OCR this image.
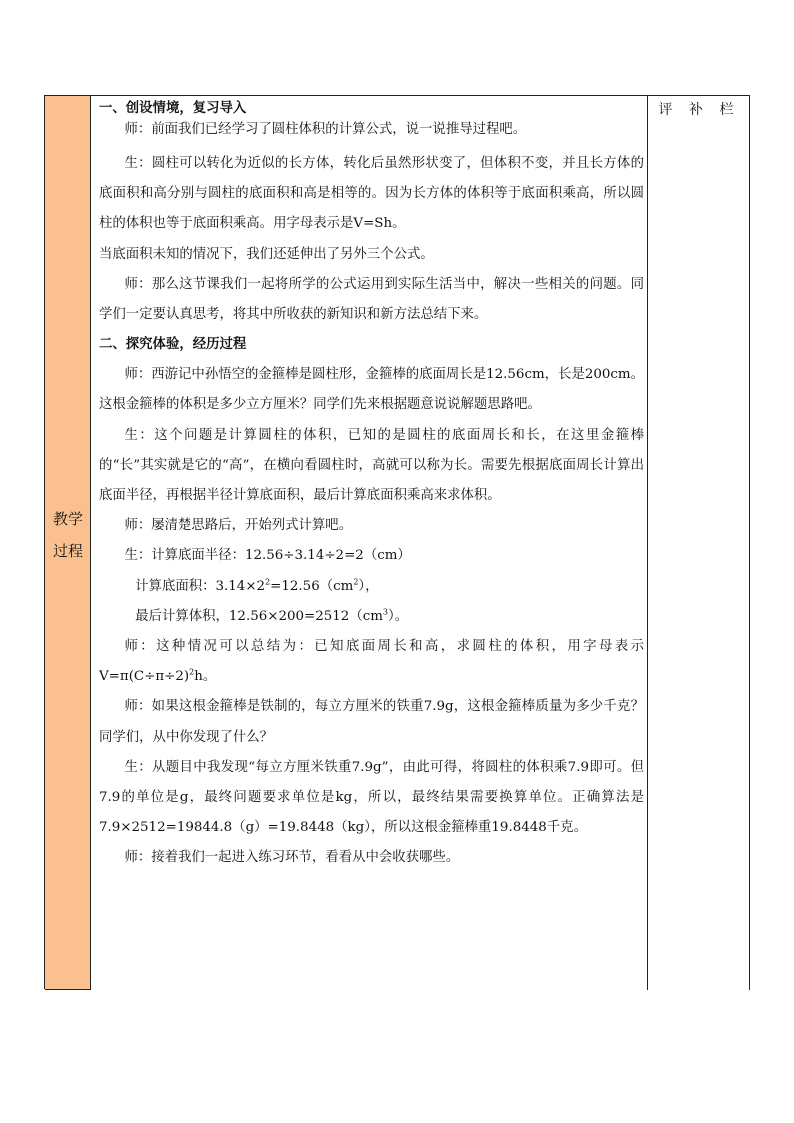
教学
过程

一、创设情境，复习导入

师：前面我们已经学习了圆柱体积的计算公式，说一说推导过程吧。

生：圆柱可以转化为近似的长方体，转化后虽然形状变了，但体积不变，并且长方体的底面积和高分别与圆柱的底面积和高是相等的。因为长方体的体积等于底面积乘高，所以圆柱的体积也等于底面积乘高。用字母表示是V=Sh。

当底面积未知的情况下，我们还延伸出了另外三个公式。

师：那么这节课我们一起将所学的公式运用到实际生活当中，解决一些相关的问题。同学们一定要认真思考，将其中所收获的新知识和新方法总结下来。

二、探究体验，经历过程

师：西游记中孙悟空的金箍棒是圆柱形，金箍棒的底面周长是12.56cm，长是200cm。这根金箍棒的体积是多少立方厘米？同学们先来根据题意说说解题思路吧。

生：这个问题是计算圆柱的体积，已知的是圆柱的底面周长和长，在这里金箍棒的“长”其实就是它的“高”，在横向看圆柱时，高就可以称为长。需要先根据底面周长计算出底面半径，再根据半径计算底面积，最后计算底面积乘高来求体积。

师：屡清楚思路后，开始列式计算吧。

生：计算底面半径：12.56÷3.14÷2=2（cm）

计算底面积：$3.14\times 2^2=12.56(cm^2)$，

最后计算体积，$12.56\times 200=2512(cm^3)$。

师：这种情况可以总结为：已知底面周长和高，求圆柱的体积，用字母表示$V=\pi(C\div\pi\div 2)^2h$。

师：如果这根金箍棒是铁制的，每立方厘米的铁重7.9g，这根金箍棒质量为多少千克？同学们，从中你发现了什么？

生：从题目中我发现“每立方厘米铁重7.9g”，由此可得，将圆柱的体积乘7.9即可。但7.9的单位是g，最终问题要求单位是kg，所以，最终结果需要换算单位。正确算法是7.9×2512=19844.8（g）=19.8448（kg），所以这根金箍棒重19.8448千克。

师：接着我们一起进入练习环节，看看从中会收获哪些。

评 补 栏
